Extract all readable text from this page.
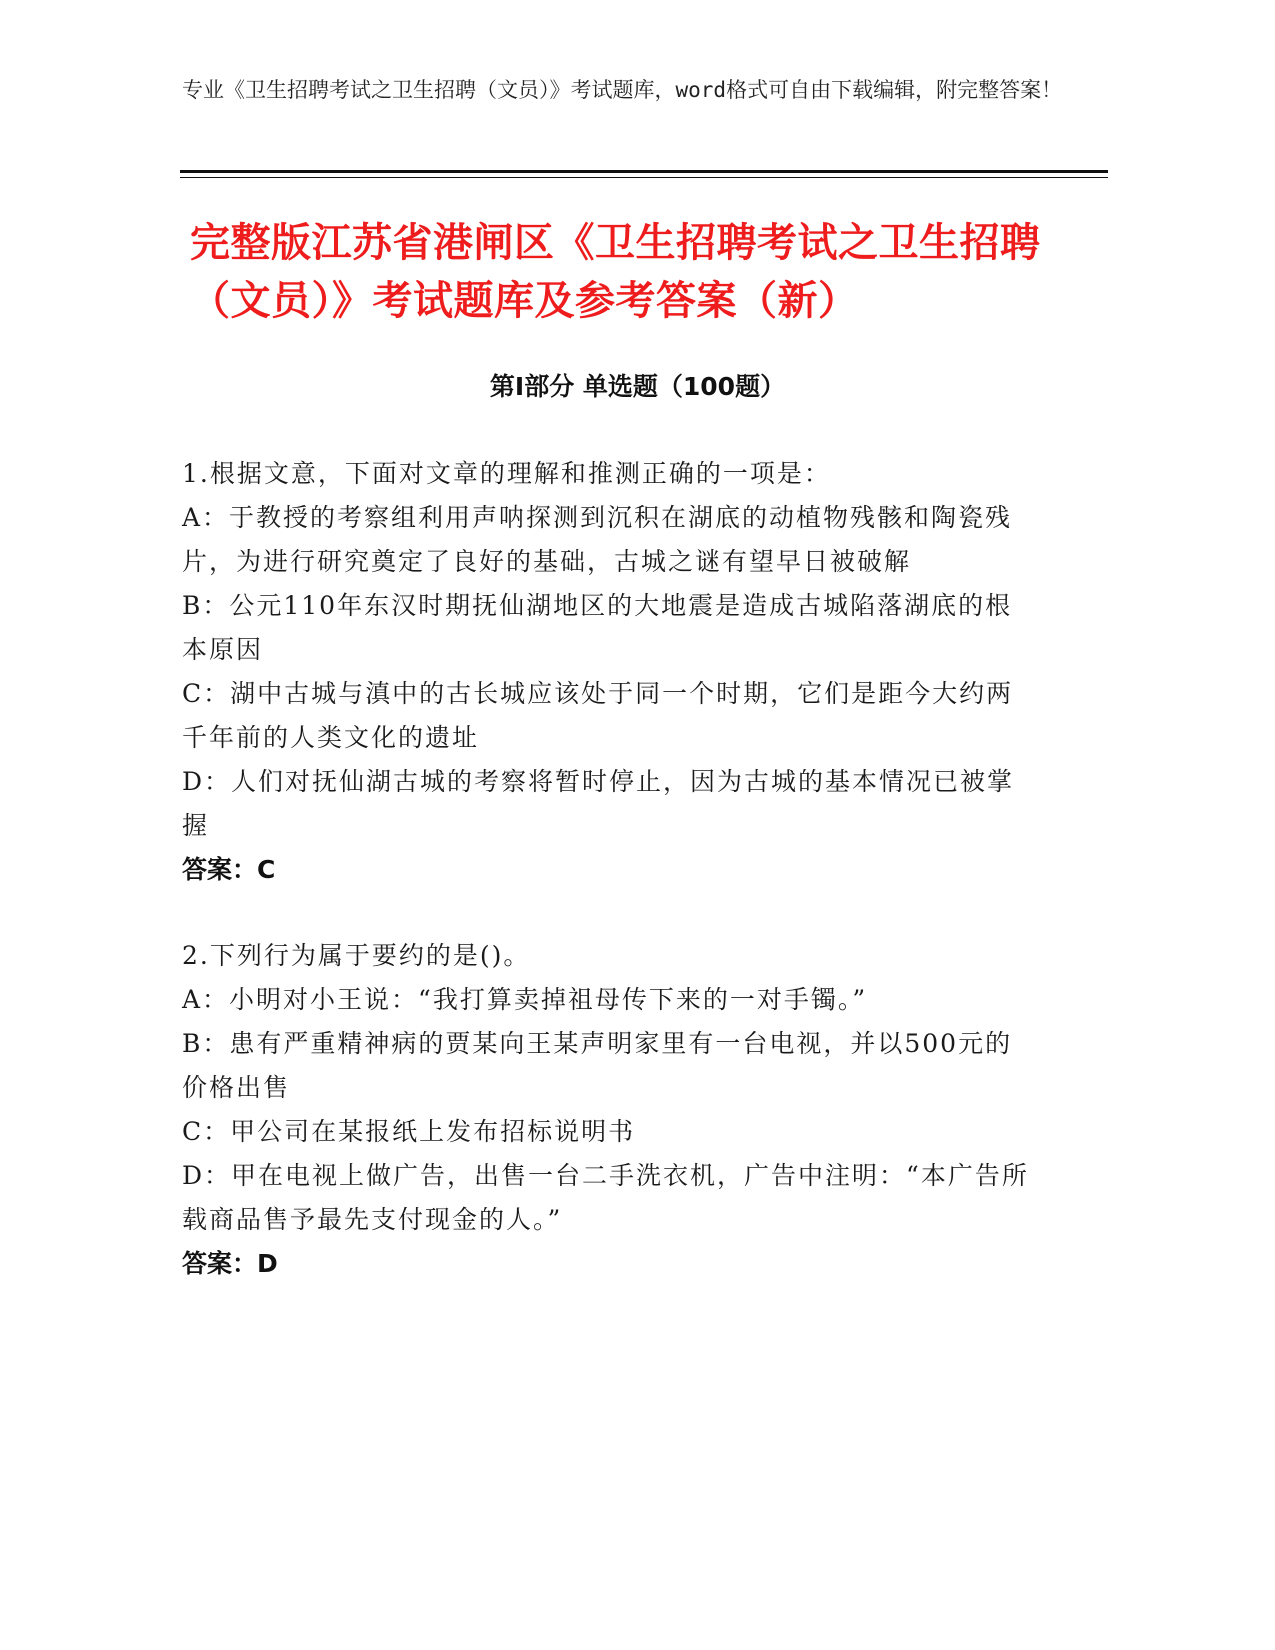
专业《卫生招聘考试之卫生招聘（文员）》考试题库，word格式可自由下载编辑，附完整答案！
完整版江苏省港闸区《卫生招聘考试之卫生招聘（文员）》考试题库及参考答案（新）
第Ⅰ部分 单选题（100题）

1.根据文意，下面对文章的理解和推测正确的一项是：

A：于教授的考察组利用声呐探测到沉积在湖底的动植物残骸和陶瓷残片，为进行研究奠定了良好的基础，古城之谜有望早日被破解

B：公元110年东汉时期抚仙湖地区的大地震是造成古城陷落湖底的根本原因

C：湖中古城与滇中的古长城应该处于同一个时期，它们是距今大约两千年前的人类文化的遗址

D：人们对抚仙湖古城的考察将暂时停止，因为古城的基本情况已被掌握

答案：C

2.下列行为属于要约的是()。

A：小明对小王说：“我打算卖掉祖母传下来的一对手镯。”

B：患有严重精神病的贾某向王某声明家里有一台电视，并以500元的价格出售

C：甲公司在某报纸上发布招标说明书

D：甲在电视上做广告，出售一台二手洗衣机，广告中注明：“本广告所载商品售予最先支付现金的人。”

答案：D
